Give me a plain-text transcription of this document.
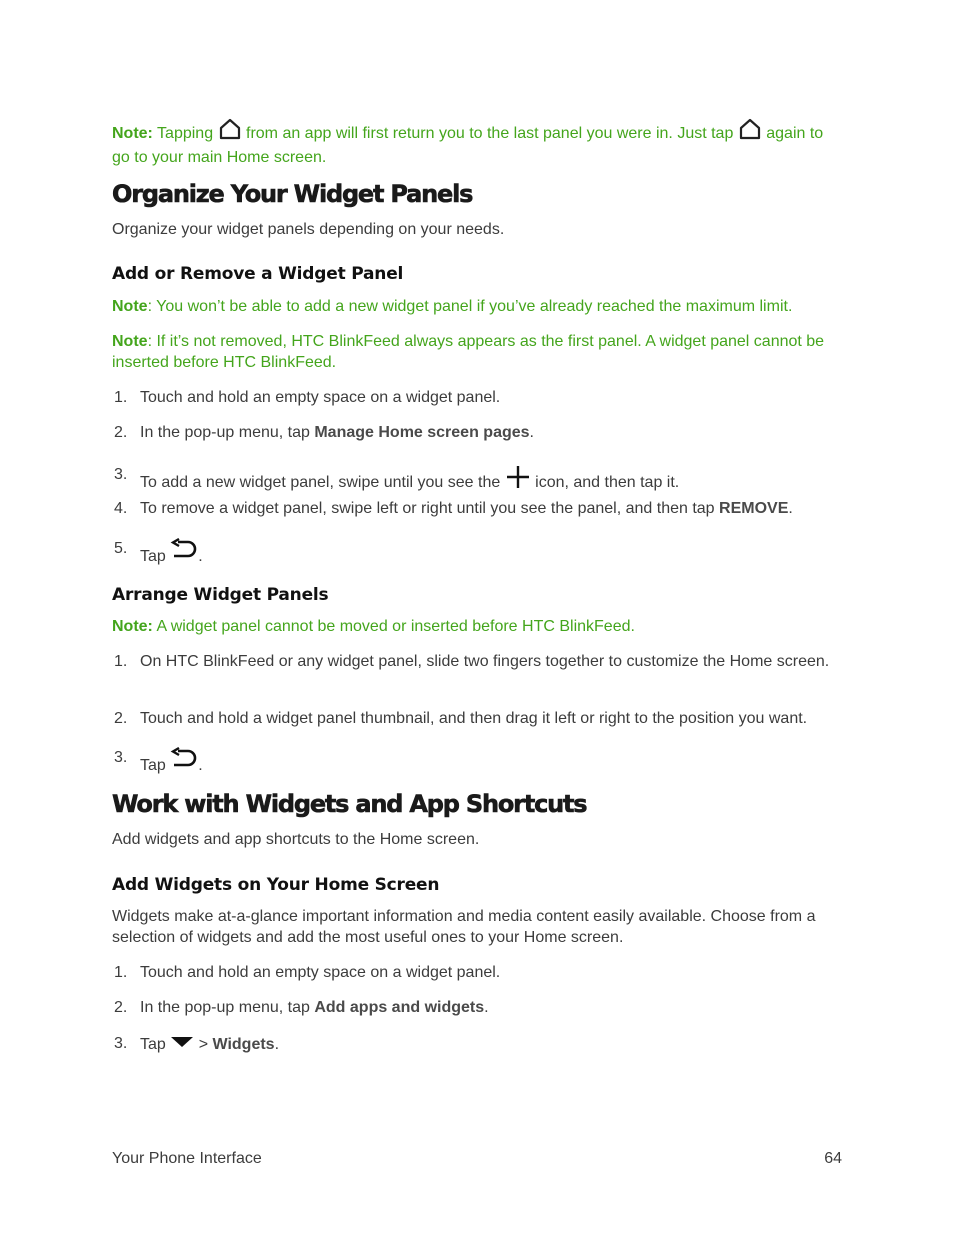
Note: Tapping  from an app will first return you to the last panel you were in. Just tap  again to go to your main Home screen.
Organize Your Widget Panels
Organize your widget panels depending on your needs.
Add or Remove a Widget Panel
Note: You won’t be able to add a new widget panel if you’ve already reached the maximum limit.
Note: If it’s not removed, HTC BlinkFeed always appears as the first panel. A widget panel cannot be inserted before HTC BlinkFeed.
1. Touch and hold an empty space on a widget panel.
2. In the pop-up menu, tap Manage Home screen pages.
3. To add a new widget panel, swipe until you see the  icon, and then tap it.
4. To remove a widget panel, swipe left or right until you see the panel, and then tap REMOVE.
5. Tap .
Arrange Widget Panels
Note: A widget panel cannot be moved or inserted before HTC BlinkFeed.
1. On HTC BlinkFeed or any widget panel, slide two fingers together to customize the Home screen.
2. Touch and hold a widget panel thumbnail, and then drag it left or right to the position you want.
3. Tap .
Work with Widgets and App Shortcuts
Add widgets and app shortcuts to the Home screen.
Add Widgets on Your Home Screen
Widgets make at-a-glance important information and media content easily available. Choose from a selection of widgets and add the most useful ones to your Home screen.
1. Touch and hold an empty space on a widget panel.
2. In the pop-up menu, tap Add apps and widgets.
3. Tap  > Widgets.
Your Phone Interface	64
